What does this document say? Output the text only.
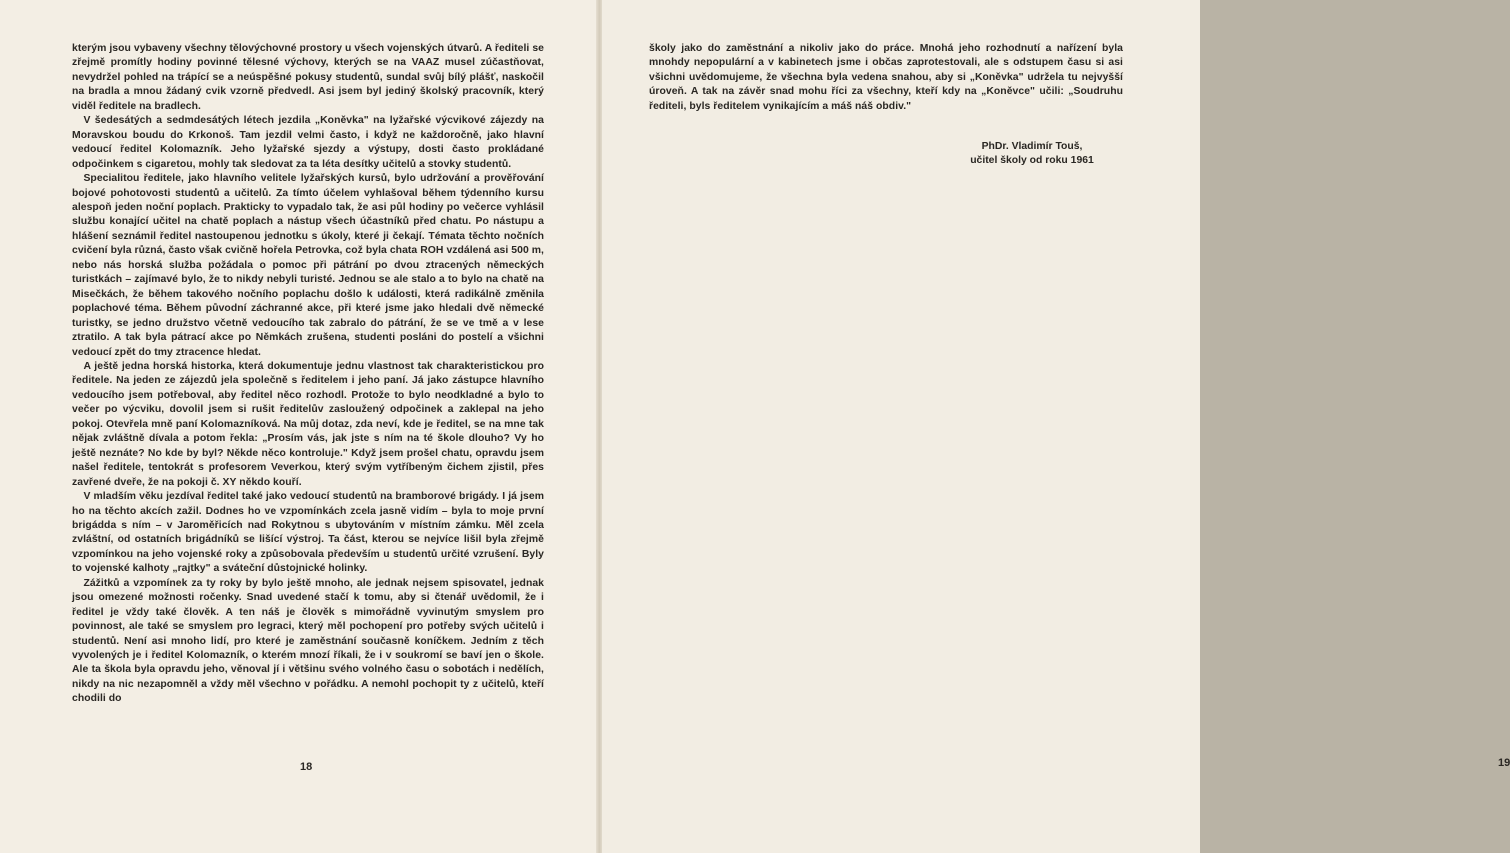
kterým jsou vybaveny všechny tělovýchovné prostory u všech vojenských útvarů. A řediteli se zřejmě promítly hodiny povinné tělesné výchovy, kterých se na VAAZ musel zúčastňovat, nevydržel pohled na trápící se a neúspěšné pokusy studentů, sundal svůj bílý plášť, naskočil na bradla a mnou žádaný cvik vzorně předvedl. Asi jsem byl jediný školský pracovník, který viděl ředitele na bradlech.

V šedesátých a sedmdesátých létech jezdila „Koněvka" na lyžařské výcvikové zájezdy na Moravskou boudu do Krkonoš. Tam jezdil velmi často, i když ne každoročně, jako hlavní vedoucí ředitel Kolomazník. Jeho lyžařské sjezdy a výstupy, dosti často prokládané odpočinkem s cigaretou, mohly tak sledovat za ta léta desítky učitelů a stovky studentů.

Specialitou ředitele, jako hlavního velitele lyžařských kursů, bylo udržování a prověřování bojové pohotovosti studentů a učitelů. Za tímto účelem vyhlašoval během týdenního kursu alespoň jeden noční poplach. Prakticky to vypadalo tak, že asi půl hodiny po večerce vyhlásil službu konající učitel na chatě poplach a nástup všech účastníků před chatu. Po nástupu a hlášení seznámil ředitel nastoupenou jednotku s úkoly, které ji čekají. Témata těchto nočních cvičení byla různá, často však cvičně hořela Petrovka, což byla chata ROH vzdálená asi 500 m, nebo nás horská služba požádala o pomoc při pátrání po dvou ztracených německých turistkách – zajímavé bylo, že to nikdy nebyli turisté. Jednou se ale stalo a to bylo na chatě na Misečkách, že během takového nočního poplachu došlo k události, která radikálně změnila poplachové téma. Během původní záchranné akce, při které jsme jako hledali dvě německé turistky, se jedno družstvo včetně vedoucího tak zabralo do pátrání, že se ve tmě a v lese ztratilo. A tak byla pátrací akce po Němkách zrušena, studenti posláni do postelí a všichni vedoucí zpět do tmy ztracence hledat.

A ještě jedna horská historka, která dokumentuje jednu vlastnost tak charakteristickou pro ředitele. Na jeden ze zájezdů jela společně s ředitelem i jeho paní. Já jako zástupce hlavního vedoucího jsem potřeboval, aby ředitel něco rozhodl. Protože to bylo neodkladné a bylo to večer po výcviku, dovolil jsem si rušit ředitelův zasloužený odpočinek a zaklepal na jeho pokoj. Otevřela mně paní Kolomazníková. Na můj dotaz, zda neví, kde je ředitel, se na mne tak nějak zvláštně dívala a potom řekla: „Prosím vás, jak jste s ním na té škole dlouho? Vy ho ještě neznáte? No kde by byl? Někde něco kontroluje." Když jsem prošel chatu, opravdu jsem našel ředitele, tentokrát s profesorem Veverkou, který svým vytříbeným čichem zjistil, přes zavřené dveře, že na pokoji č. XY někdo kouří.

V mladším věku jezdíval ředitel také jako vedoucí studentů na bramborové brigády. I já jsem ho na těchto akcích zažil. Dodnes ho ve vzpomínkách zcela jasně vidím – byla to moje první brigádda s ním – v Jaroměřicích nad Rokytnou s ubytováním v místním zámku. Měl zcela zvláštní, od ostatních brigádníků se lišící výstroj. Ta část, kterou se nejvíce lišil byla zřejmě vzpomínkou na jeho vojenské roky a způsobovala především u studentů určité vzrušení. Byly to vojenské kalhoty „rajtky" a sváteční důstojnické holinky.

Zážitků a vzpomínek za ty roky by bylo ještě mnoho, ale jednak nejsem spisovatel, jednak jsou omezené možnosti ročenky. Snad uvedené stačí k tomu, aby si čtenář uvědomil, že i ředitel je vždy také člověk. A ten náš je člověk s mimořádně vyvinutým smyslem pro povinnost, ale také se smyslem pro legraci, který měl pochopení pro potřeby svých učitelů i studentů. Není asi mnoho lidí, pro které je zaměstnání současně koníčkem. Jedním z těch vyvolených je i ředitel Kolomazník, o kterém mnozí říkali, že i v soukromí se baví jen o škole. Ale ta škola byla opravdu jeho, věnoval jí i většinu svého volného času o sobotách i nedělích, nikdy na nic nezapomněl a vždy měl všechno v pořádku. A nemohl pochopit ty z učitelů, kteří chodili do

18	19

školy jako do zaměstnání a nikoliv jako do práce. Mnohá jeho rozhodnutí a nařízení byla mnohdy nepopulární a v kabinetech jsme i občas zaprotestovali, ale s odstupem času si asi všichni uvědomujeme, že všechna byla vedena snahou, aby si „Koněvka" udržela tu nejvyšší úroveň. A tak na závěr snad mohu říci za všechny, kteří kdy na „Koněvce" učili: „Soudruhu řediteli, byls ředitelem vynikajícím a máš náš obdiv."

PhDr. Vladimír Touš,
učitel školy od roku 1961
